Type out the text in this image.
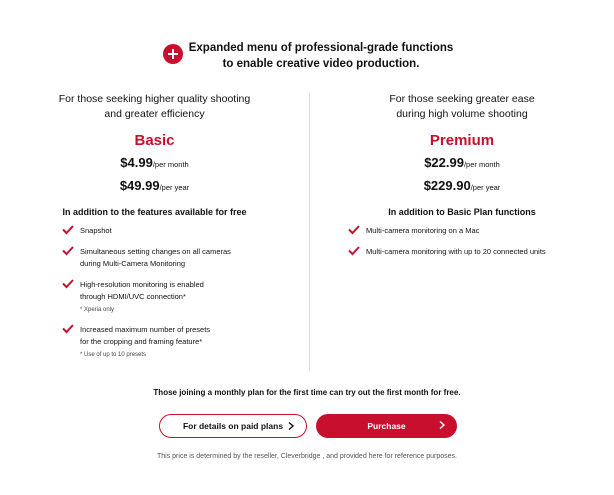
Expanded menu of professional-grade functions
to enable creative video production.
For those seeking higher quality shooting
and greater efficiency
Basic
$4.99/per month
$49.99/per year
In addition to the features available for free
Snapshot
Simultaneous setting changes on all cameras
during Multi-Camera Monitoring
High-resolution monitoring is enabled
through HDMI/UVC connection*
* Xperia only
Increased maximum number of presets
for the cropping and framing feature*
* Use of up to 10 presets
For those seeking greater ease
during high volume shooting
Premium
$22.99/per month
$229.90/per year
In addition to Basic Plan functions
Multi-camera monitoring on a Mac
Multi-camera monitoring with up to 20 connected units
Those joining a monthly plan for the first time can try out the first month for free.
For details on paid plans	Purchase
This price is determined by the reseller, Cleverbridge , and provided here for reference purposes.
